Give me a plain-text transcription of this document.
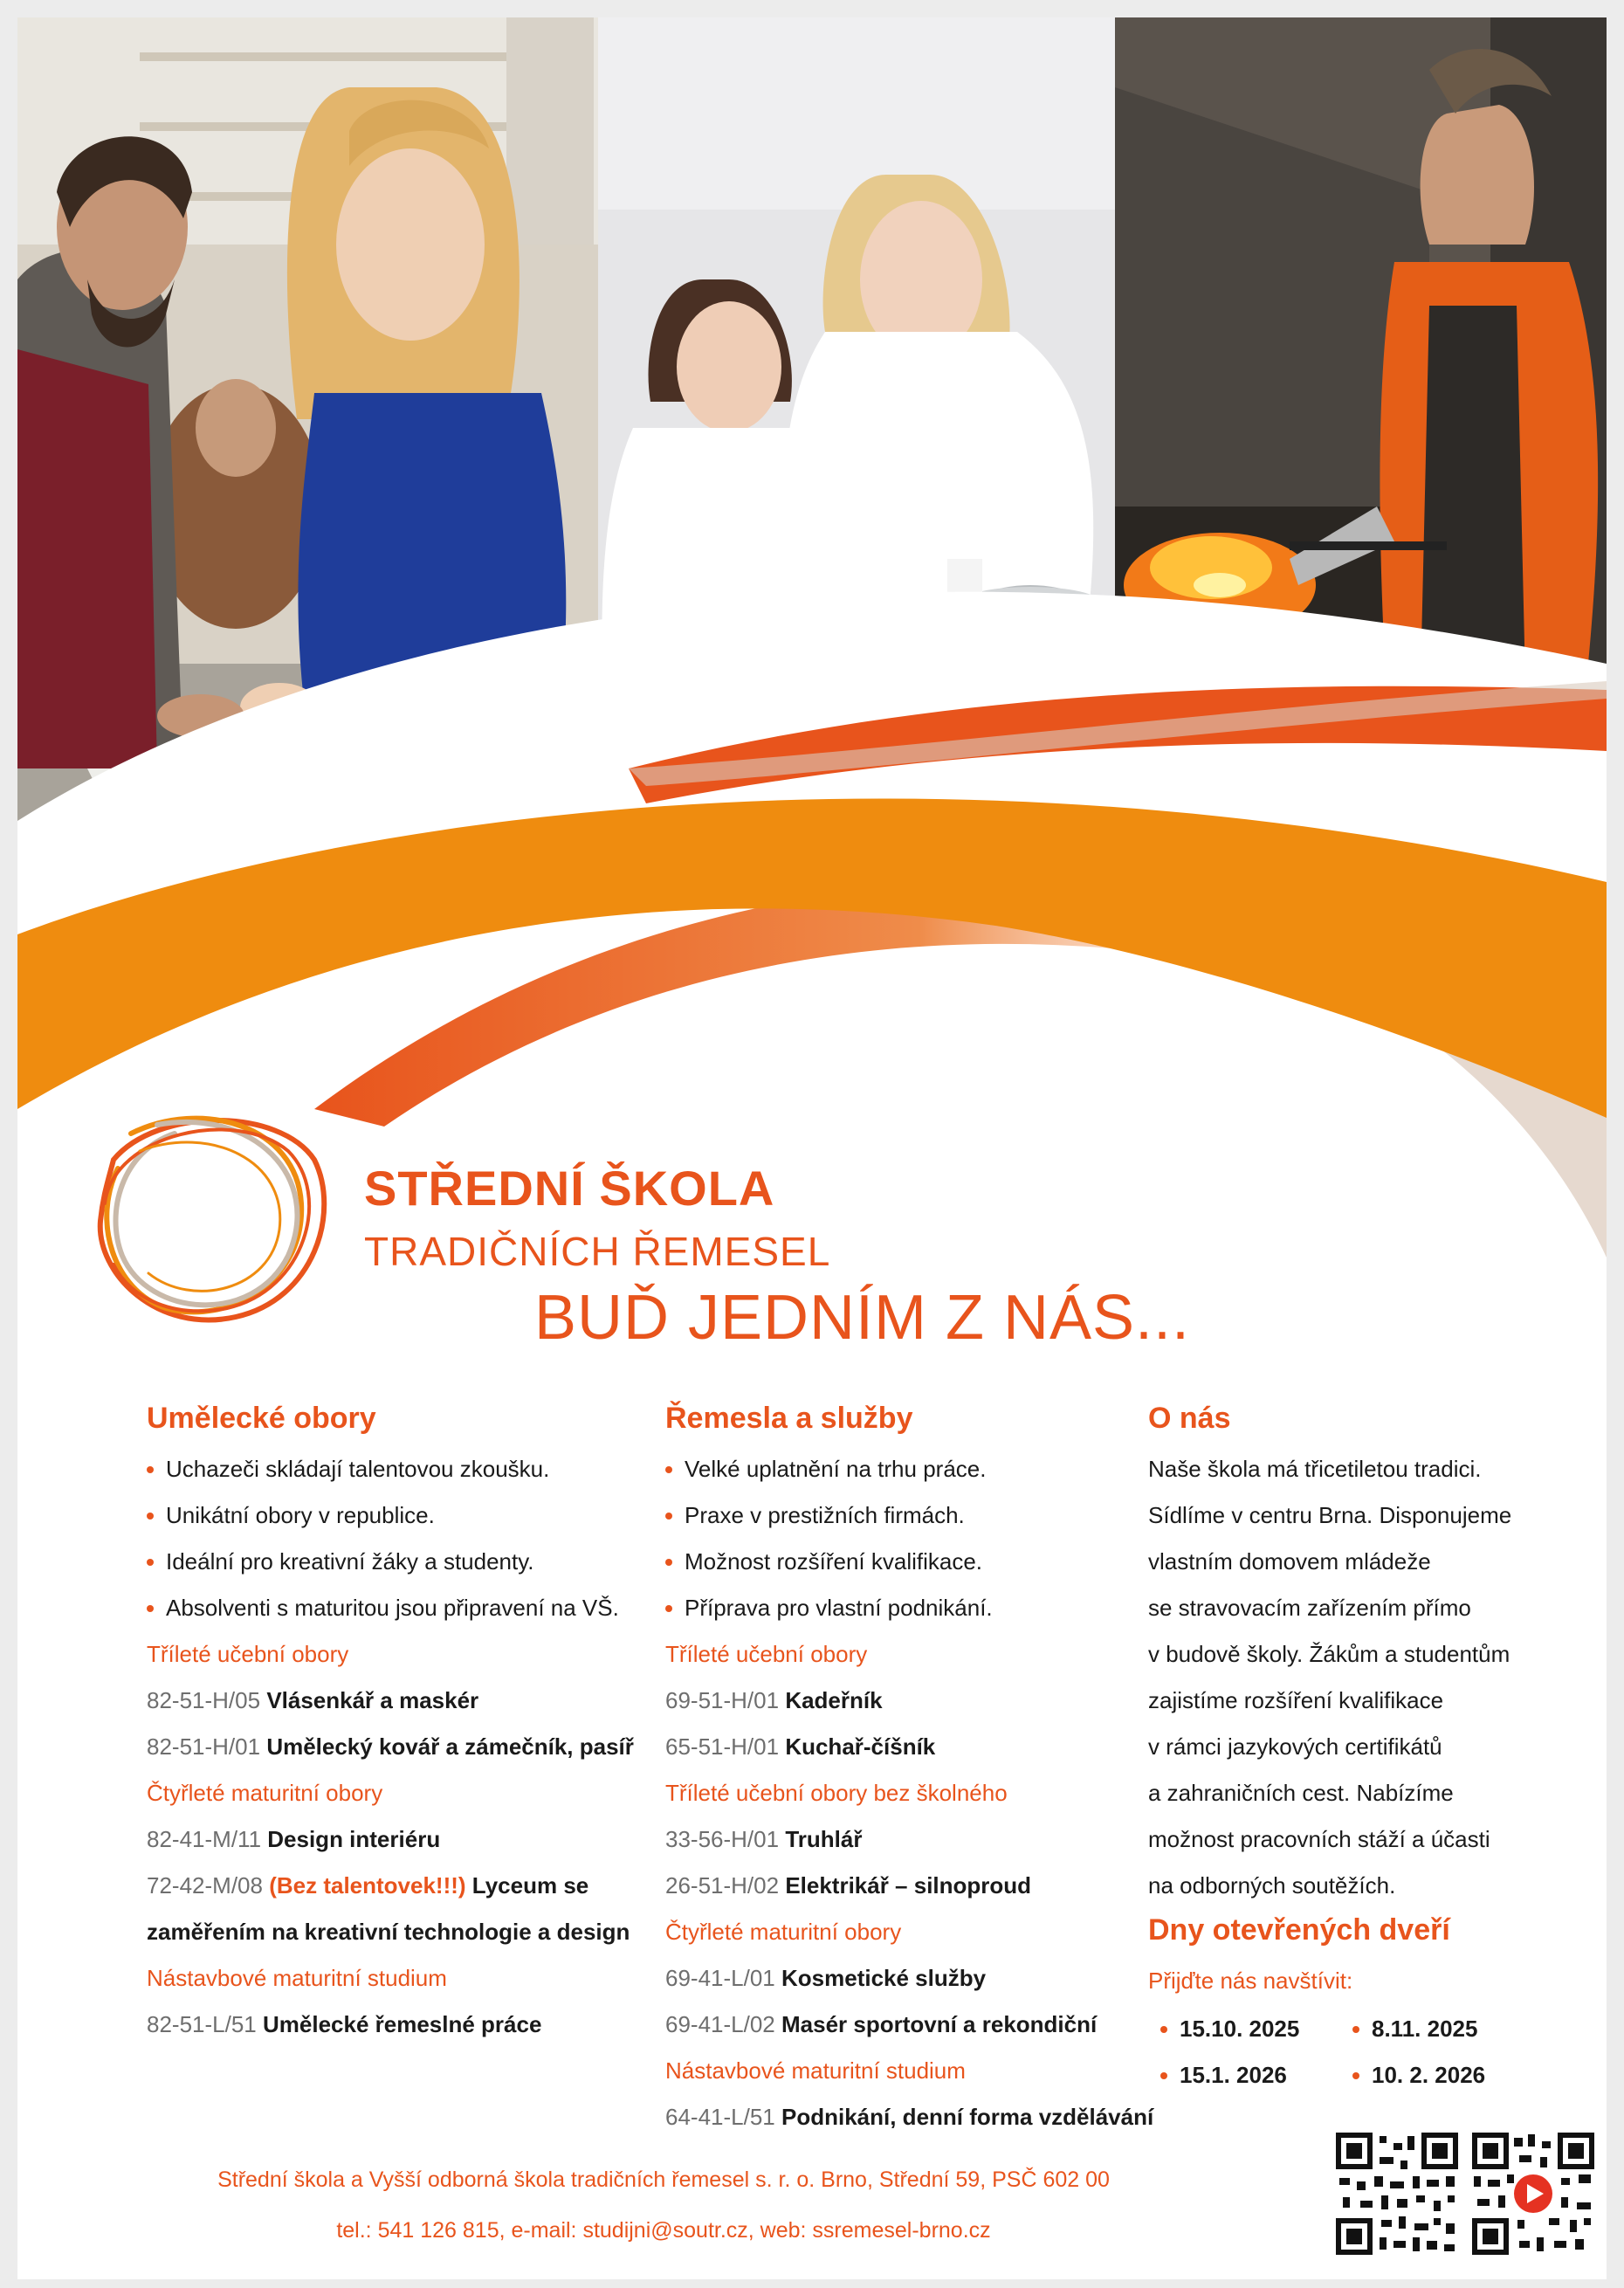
STŘEDNÍ ŠKOLA
TRADIČNÍCH ŘEMESEL
BUĎ JEDNÍM Z NÁS...
Umělecké obory
Uchazeči skládají talentovou zkoušku.
Unikátní obory v republice.
Ideální pro kreativní žáky a studenty.
Absolventi s maturitou jsou připravení na VŠ.
Tříleté učební obory
82-51-H/05 Vlásenkář a maskér
82-51-H/01 Umělecký kovář a zámečník, pasíř
Čtyřleté maturitní obory
82-41-M/11 Design interiéru
72-42-M/08 (Bez talentovek!!!) Lyceum se
zaměřením na kreativní technologie a design
Nástavbové maturitní studium
82-51-L/51 Umělecké řemeslné práce
Řemesla a služby
Velké uplatnění na trhu práce.
Praxe v prestižních firmách.
Možnost rozšíření kvalifikace.
Příprava pro vlastní podnikání.
Tříleté učební obory
69-51-H/01 Kadeřník
65-51-H/01 Kuchař-číšník
Tříleté učební obory bez školného
33-56-H/01 Truhlář
26-51-H/02 Elektrikář – silnoproud
Čtyřleté maturitní obory
69-41-L/01 Kosmetické služby
69-41-L/02 Masér sportovní a rekondiční
Nástavbové maturitní studium
64-41-L/51 Podnikání, denní forma vzdělávání
O nás
Naše škola má třicetiletou tradici.
Sídlíme v centru Brna. Disponujeme
vlastním domovem mládeže
se stravovacím zařízením přímo
v budově školy. Žákům a studentům
zajistíme rozšíření kvalifikace
v rámci jazykových certifikátů
a zahraničních cest. Nabízíme
možnost pracovních stáží a účasti
na odborných soutěžích.
Dny otevřených dveří
Přijďte nás navštívit:
15.10. 2025	8.11. 2025
15.1. 2026	10. 2. 2026
Střední škola a Vyšší odborná škola tradičních řemesel s. r. o. Brno, Střední 59, PSČ 602 00
tel.: 541 126 815, e-mail: studijni@soutr.cz, web: ssremesel-brno.cz
